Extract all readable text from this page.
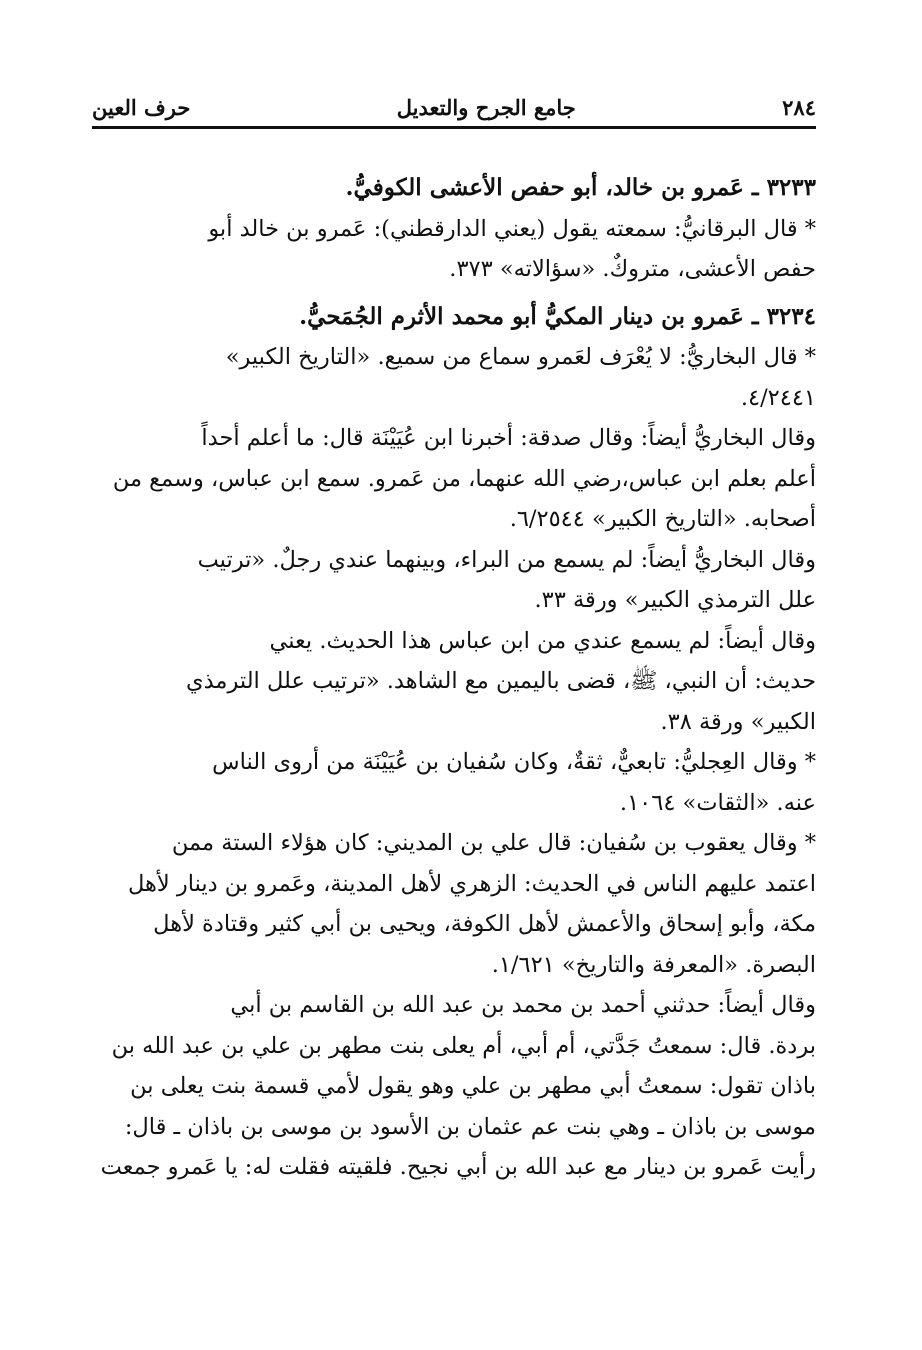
٢٨٤
جامع الجرح والتعديل
حرف العين
٣٢٣٣ ـ عَمرو بن خالد، أبو حفص الأعشى الكوفيُّ.
* قال البرقانيُّ: سمعته يقول (يعني الدارقطني): عَمرو بن خالد أبو
حفص الأعشى، متروكٌ. «سؤالاته» ٣٧٣.
٣٢٣٤ ـ عَمرو بن دينار المكيُّ أبو محمد الأثرم الجُمَحيُّ.
* قال البخاريُّ: لا يُعْرَف لعَمرو سماع من سميع. «التاريخ الكبير»
٤/٢٤٤١.
وقال البخاريُّ أيضاً: وقال صدقة: أخبرنا ابن عُيَيْنَة قال: ما أعلم أحداً
أعلم بعلم ابن عباس،رضي الله عنهما، من عَمرو. سمع ابن عباس، وسمع من
أصحابه. «التاريخ الكبير» ٦/٢٥٤٤.
وقال البخاريُّ أيضاً: لم يسمع من البراء، وبينهما عندي رجلٌ. «ترتيب
علل الترمذي الكبير» ورقة ٣٣.
وقال أيضاً: لم يسمع عندي من ابن عباس هذا الحديث. يعني
حديث: أن النبي، ﷺ، قضى باليمين مع الشاهد. «ترتيب علل الترمذي
الكبير» ورقة ٣٨.
* وقال العِجليُّ: تابعيٌّ، ثقةٌ، وكان سُفيان بن عُيَيْنَة من أروى الناس
عنه. «الثقات» ١٠٦٤.
* وقال يعقوب بن سُفيان: قال علي بن المديني: كان هؤلاء الستة ممن
اعتمد عليهم الناس في الحديث: الزهري لأهل المدينة، وعَمرو بن دينار لأهل
مكة، وأبو إسحاق والأعمش لأهل الكوفة، ويحيى بن أبي كثير وقتادة لأهل
البصرة. «المعرفة والتاريخ» ١/٦٢١.
وقال أيضاً: حدثني أحمد بن محمد بن عبد الله بن القاسم بن أبي
بردة. قال: سمعتُ جَدَّتي، أم أبي، أم يعلى بنت مطهر بن علي بن عبد الله بن
باذان تقول: سمعتُ أبي مطهر بن علي وهو يقول لأمي قسمة بنت يعلى بن
موسى بن باذان ـ وهي بنت عم عثمان بن الأسود بن موسى بن باذان ـ قال:
رأيت عَمرو بن دينار مع عبد الله بن أبي نجيح. فلقيته فقلت له: يا عَمرو جمعت
